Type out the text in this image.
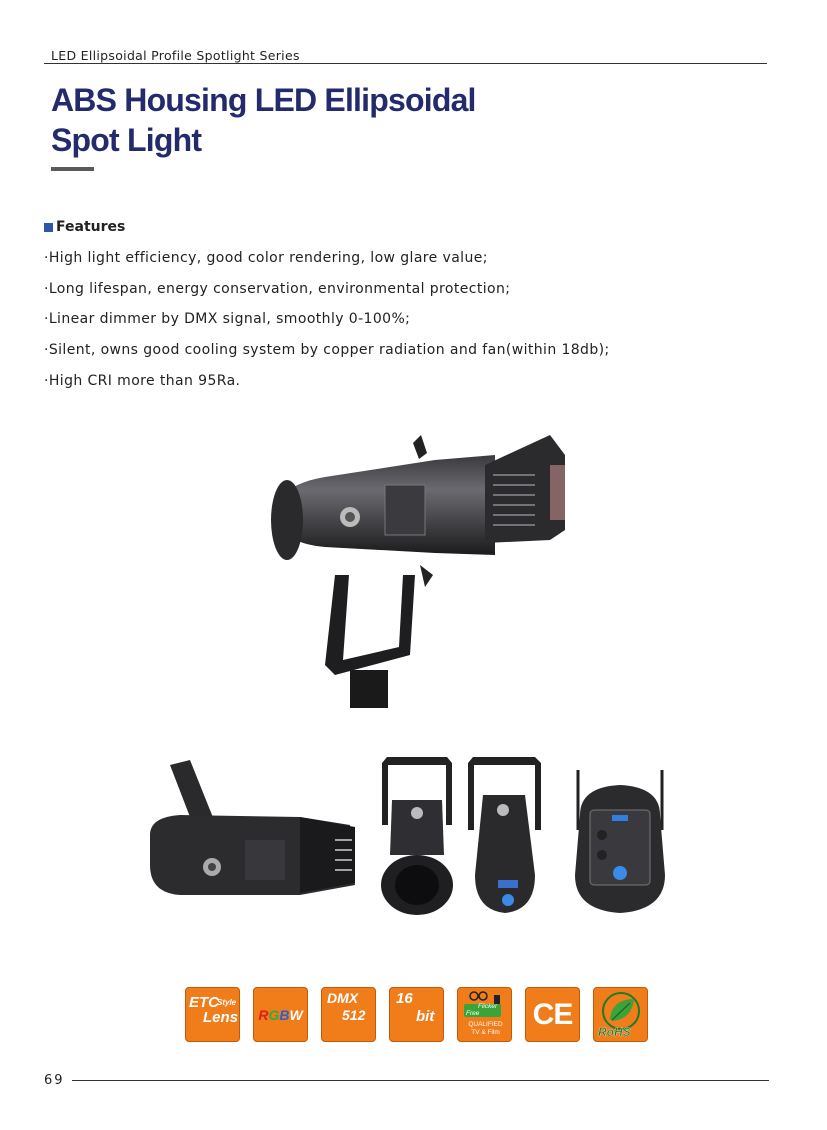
LED Ellipsoidal Profile Spotlight Series
ABS Housing LED Ellipsoidal
Spot Light
Features
·High light efficiency, good color rendering, low glare value;
·Long lifespan, energy conservation, environmental protection;
·Linear dimmer by DMX signal, smoothly 0-100%;
·Silent, owns good cooling system by copper radiation and fan(within 18db);
·High CRI more than 95Ra.
ETC
Style
Lens R G B W
DMX
512
16
bit
Flicker
Free
QUALIFIED
TV & Film
CE
RoHS
69
